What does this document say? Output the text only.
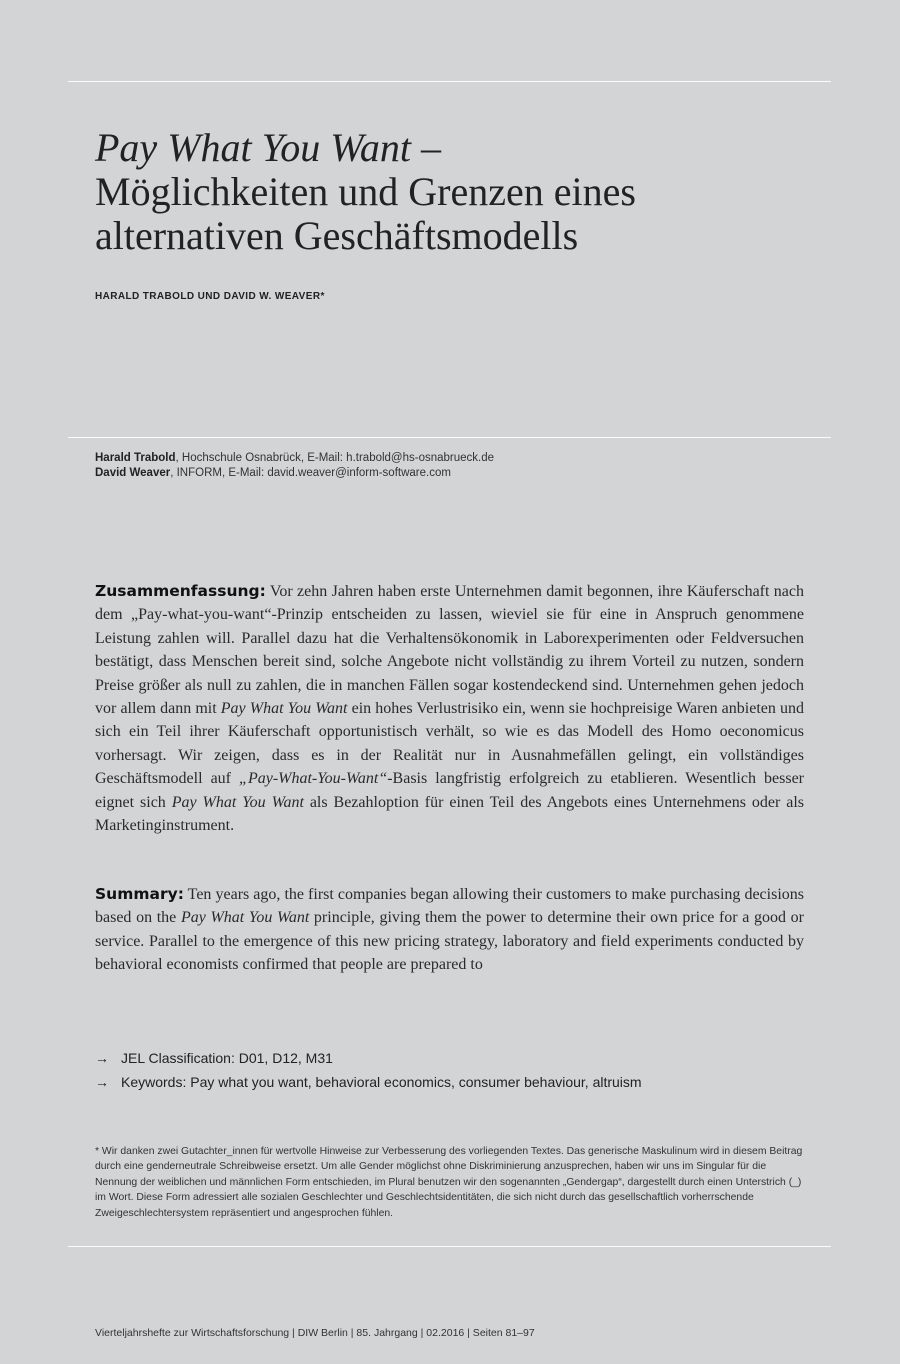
Pay What You Want –
Möglichkeiten und Grenzen eines
alternativen Geschäftsmodells
HARALD TRABOLD UND DAVID W. WEAVER*
Harald Trabold, Hochschule Osnabrück, E-Mail: h.trabold@hs-osnabrueck.de
David Weaver, INFORM, E-Mail: david.weaver@inform-software.com

Zusammenfassung: Vor zehn Jahren haben erste Unternehmen damit begonnen, ihre Käuferschaft nach dem „Pay-what-you-want“-Prinzip entscheiden zu lassen, wieviel sie für eine in Anspruch genommene Leistung zahlen will. Parallel dazu hat die Verhaltensökonomik in Laborexperimenten oder Feldversuchen bestätigt, dass Menschen bereit sind, solche Angebote nicht vollständig zu ihrem Vorteil zu nutzen, sondern Preise größer als null zu zahlen, die in manchen Fällen sogar kostendeckend sind. Unternehmen gehen jedoch vor allem dann mit Pay What You Want ein hohes Verlustrisiko ein, wenn sie hochpreisige Waren anbieten und sich ein Teil ihrer Käuferschaft opportunistisch verhält, so wie es das Modell des Homo oeconomicus vorhersagt. Wir zeigen, dass es in der Realität nur in Ausnahmefällen gelingt, ein vollständiges Geschäftsmodell auf „Pay-What-You-Want“-Basis langfristig erfolgreich zu etablieren. Wesentlich besser eignet sich Pay What You Want als Bezahloption für einen Teil des Angebots eines Unternehmens oder als Marketinginstrument.

Summary: Ten years ago, the first companies began allowing their customers to make purchasing decisions based on the Pay What You Want principle, giving them the power to determine their own price for a good or service. Parallel to the emergence of this new pricing strategy, laboratory and field experiments conducted by behavioral economists confirmed that people are prepared to

→ JEL Classification: D01, D12, M31
→ Keywords: Pay what you want, behavioral economics, consumer behaviour, altruism

* Wir danken zwei Gutachter_innen für wertvolle Hinweise zur Verbesserung des vorliegenden Textes. Das generische Maskulinum wird in diesem Beitrag durch eine genderneutrale Schreibweise ersetzt. Um alle Gender möglichst ohne Diskriminierung anzusprechen, haben wir uns im Singular für die Nennung der weiblichen und männlichen Form entschieden, im Plural benutzen wir den sogenannten „Gendergap“, dargestellt durch einen Unterstrich (_) im Wort. Diese Form adressiert alle sozialen Geschlechter und Geschlechtsidentitäten, die sich nicht durch das gesellschaftlich vorherrschende Zweigeschlechtersystem repräsentiert und angesprochen fühlen.

Vierteljahrshefte zur Wirtschaftsforschung | DIW Berlin | 85. Jahrgang | 02.2016 | Seiten 81–97
